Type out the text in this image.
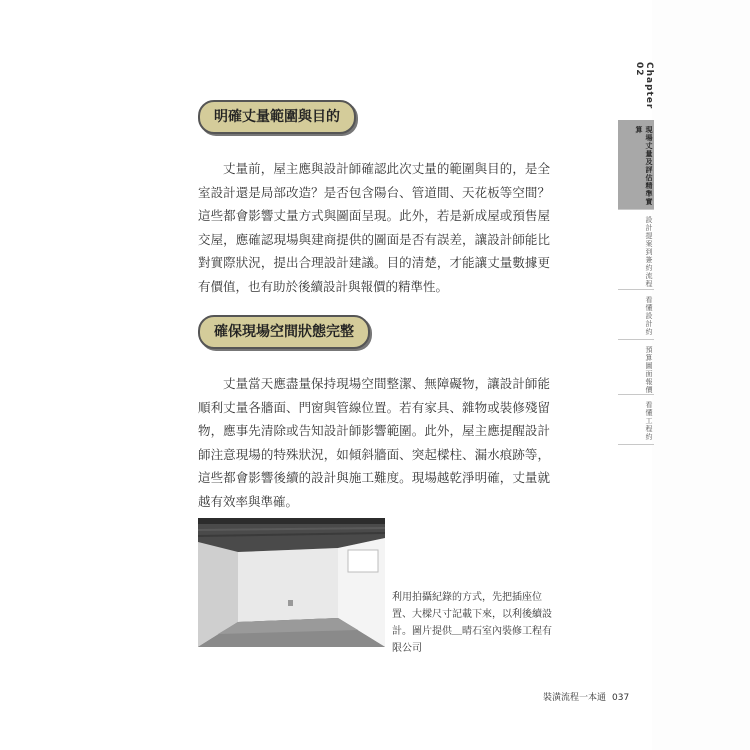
明確丈量範圍與目的

丈量前，屋主應與設計師確認此次丈量的範圍與目的，是全室設計還是局部改造？是否包含陽台、管道間、天花板等空間？這些都會影響丈量方式與圖面呈現。此外，若是新成屋或預售屋交屋，應確認現場與建商提供的圖面是否有誤差，讓設計師能比對實際狀況，提出合理設計建議。目的清楚，才能讓丈量數據更有價值，也有助於後續設計與報價的精準性。

確保現場空間狀態完整

丈量當天應盡量保持現場空間整潔、無障礙物，讓設計師能順利丈量各牆面、門窗與管線位置。若有家具、雜物或裝修殘留物，應事先清除或告知設計師影響範圍。此外，屋主應提醒設計師注意現場的特殊狀況，如傾斜牆面、突起樑柱、漏水痕跡等，這些都會影響後續的設計與施工難度。現場越乾淨明確，丈量就越有效率與準確。

利用拍攝紀錄的方式，先把插座位置、大樑尺寸記載下來，以利後續設計。圖片提供＿晴石室內裝修工程有限公司

Chapter 02
現場丈量及評估精準實算
設計提案到簽約流程
看懂設計約
預算圖面報價
看懂工程約
裝潢流程一本通 037
